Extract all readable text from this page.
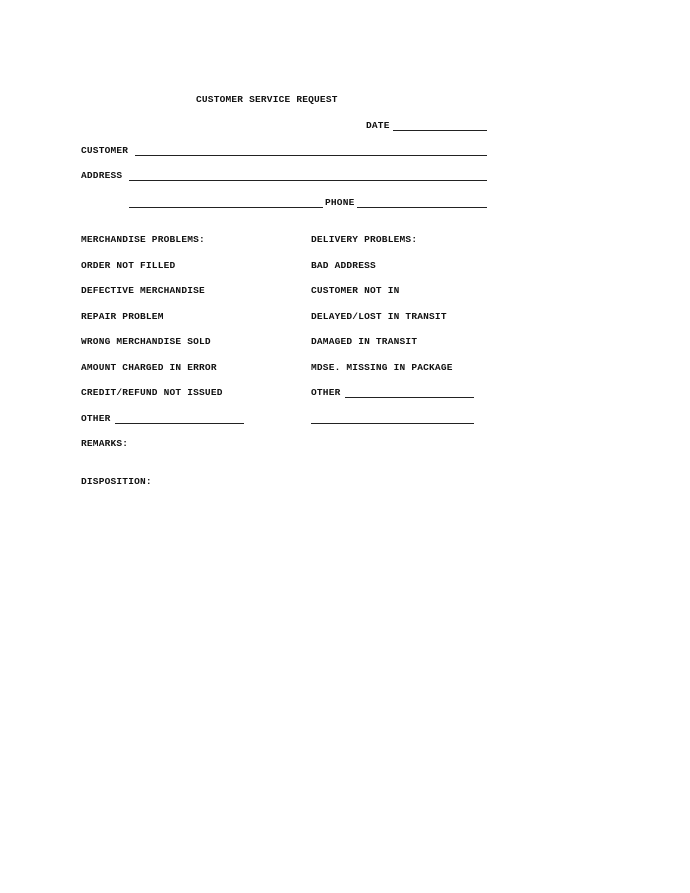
CUSTOMER SERVICE REQUEST
DATE
CUSTOMER
ADDRESS
PHONE
MERCHANDISE PROBLEMS:
ORDER NOT FILLED
DEFECTIVE MERCHANDISE
REPAIR PROBLEM
WRONG MERCHANDISE SOLD
AMOUNT CHARGED IN ERROR
CREDIT/REFUND NOT ISSUED
OTHER
DELIVERY PROBLEMS:
BAD ADDRESS
CUSTOMER NOT IN
DELAYED/LOST IN TRANSIT
DAMAGED IN TRANSIT
MDSE. MISSING IN PACKAGE
OTHER
REMARKS:
DISPOSITION:
